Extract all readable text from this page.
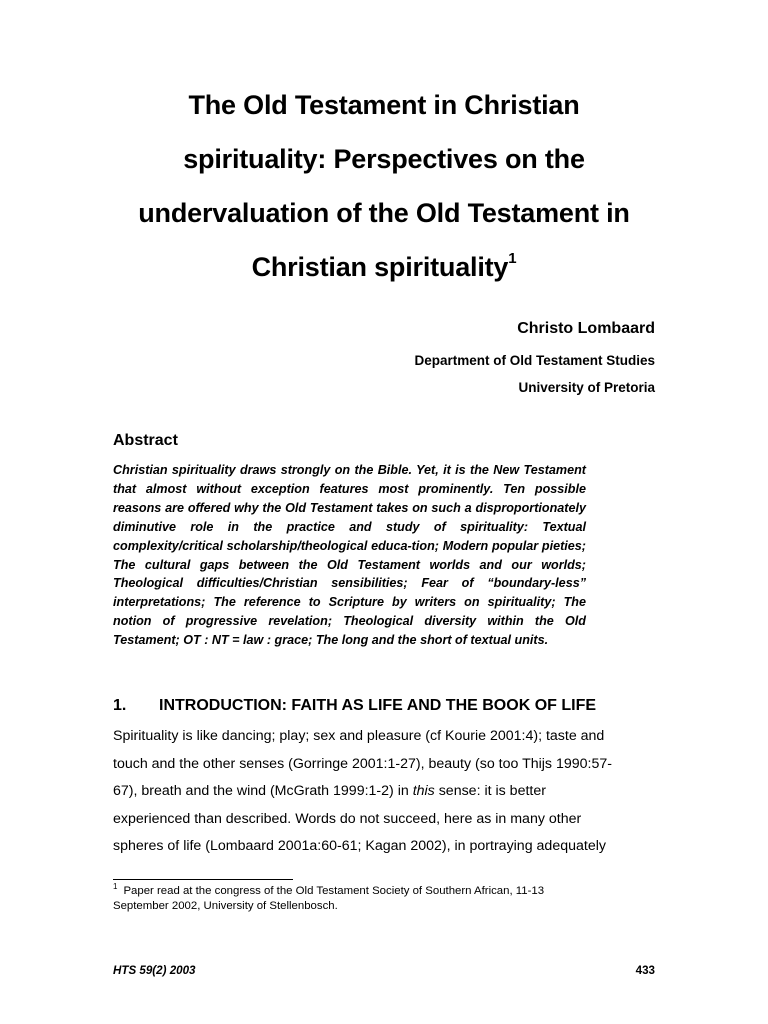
The Old Testament in Christian
spirituality: Perspectives on the
undervaluation of the Old Testament in
Christian spirituality$^1$
Christo Lombaard
Department of Old Testament Studies
University of Pretoria
Abstract
Christian spirituality draws strongly on the Bible. Yet, it is the New Testament that almost without exception features most prominently. Ten possible reasons are offered why the Old Testament takes on such a disproportionately diminutive role in the practice and study of spirituality: Textual complexity/critical scholarship/theological educa-tion; Modern popular pieties; The cultural gaps between the Old Testament worlds and our worlds; Theological difficulties/Christian sensibilities; Fear of “boundary-less” interpretations; The reference to Scripture by writers on spirituality; The notion of progressive revelation; Theological diversity within the Old Testament; OT : NT = law : grace; The long and the short of textual units.
1. INTRODUCTION: FAITH AS LIFE AND THE BOOK OF LIFE
Spirituality is like dancing; play; sex and pleasure (cf Kourie 2001:4); taste and
touch and the other senses (Gorringe 2001:1-27), beauty (so too Thijs 1990:57-
67), breath and the wind (McGrath 1999:1-2) in this sense: it is better
experienced than described. Words do not succeed, here as in many other
spheres of life (Lombaard 2001a:60-61; Kagan 2002), in portraying adequately
$^1$ Paper read at the congress of the Old Testament Society of Southern African, 11-13
September 2002, University of Stellenbosch.
HTS 59(2) 2003	433
